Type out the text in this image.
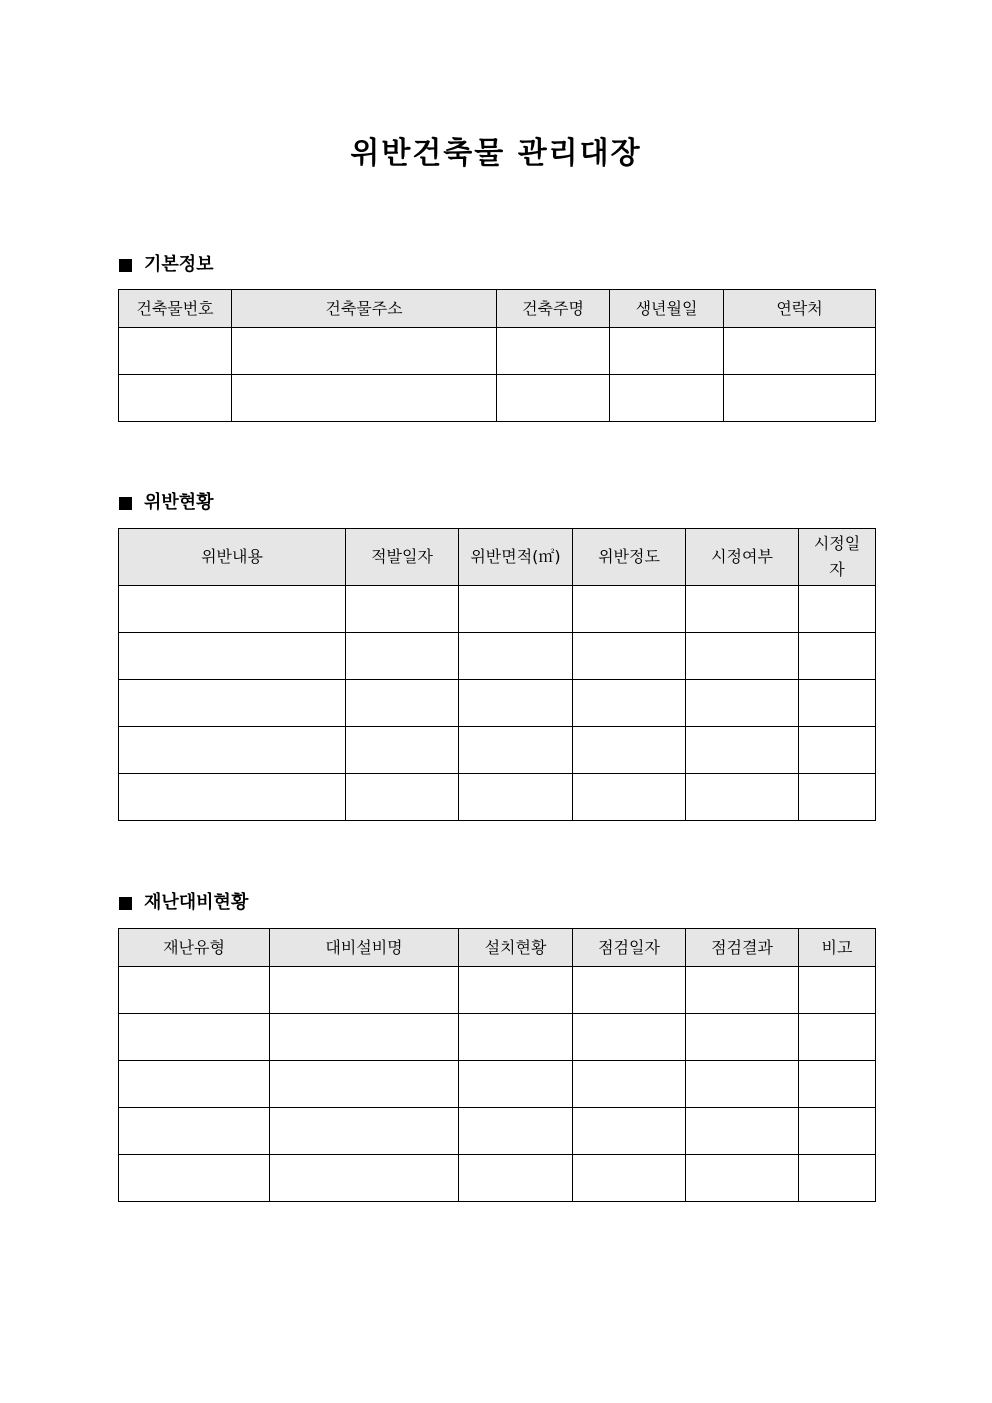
위반건축물 관리대장
기본정보
건축물번호	건축물주소	건축주명	생년월일	연락처

위반현황
위반내용	적발일자	위반면적(㎡)	위반정도	시정여부	시정일자

재난대비현황
재난유형	대비설비명	설치현황	점검일자	점검결과	비고
